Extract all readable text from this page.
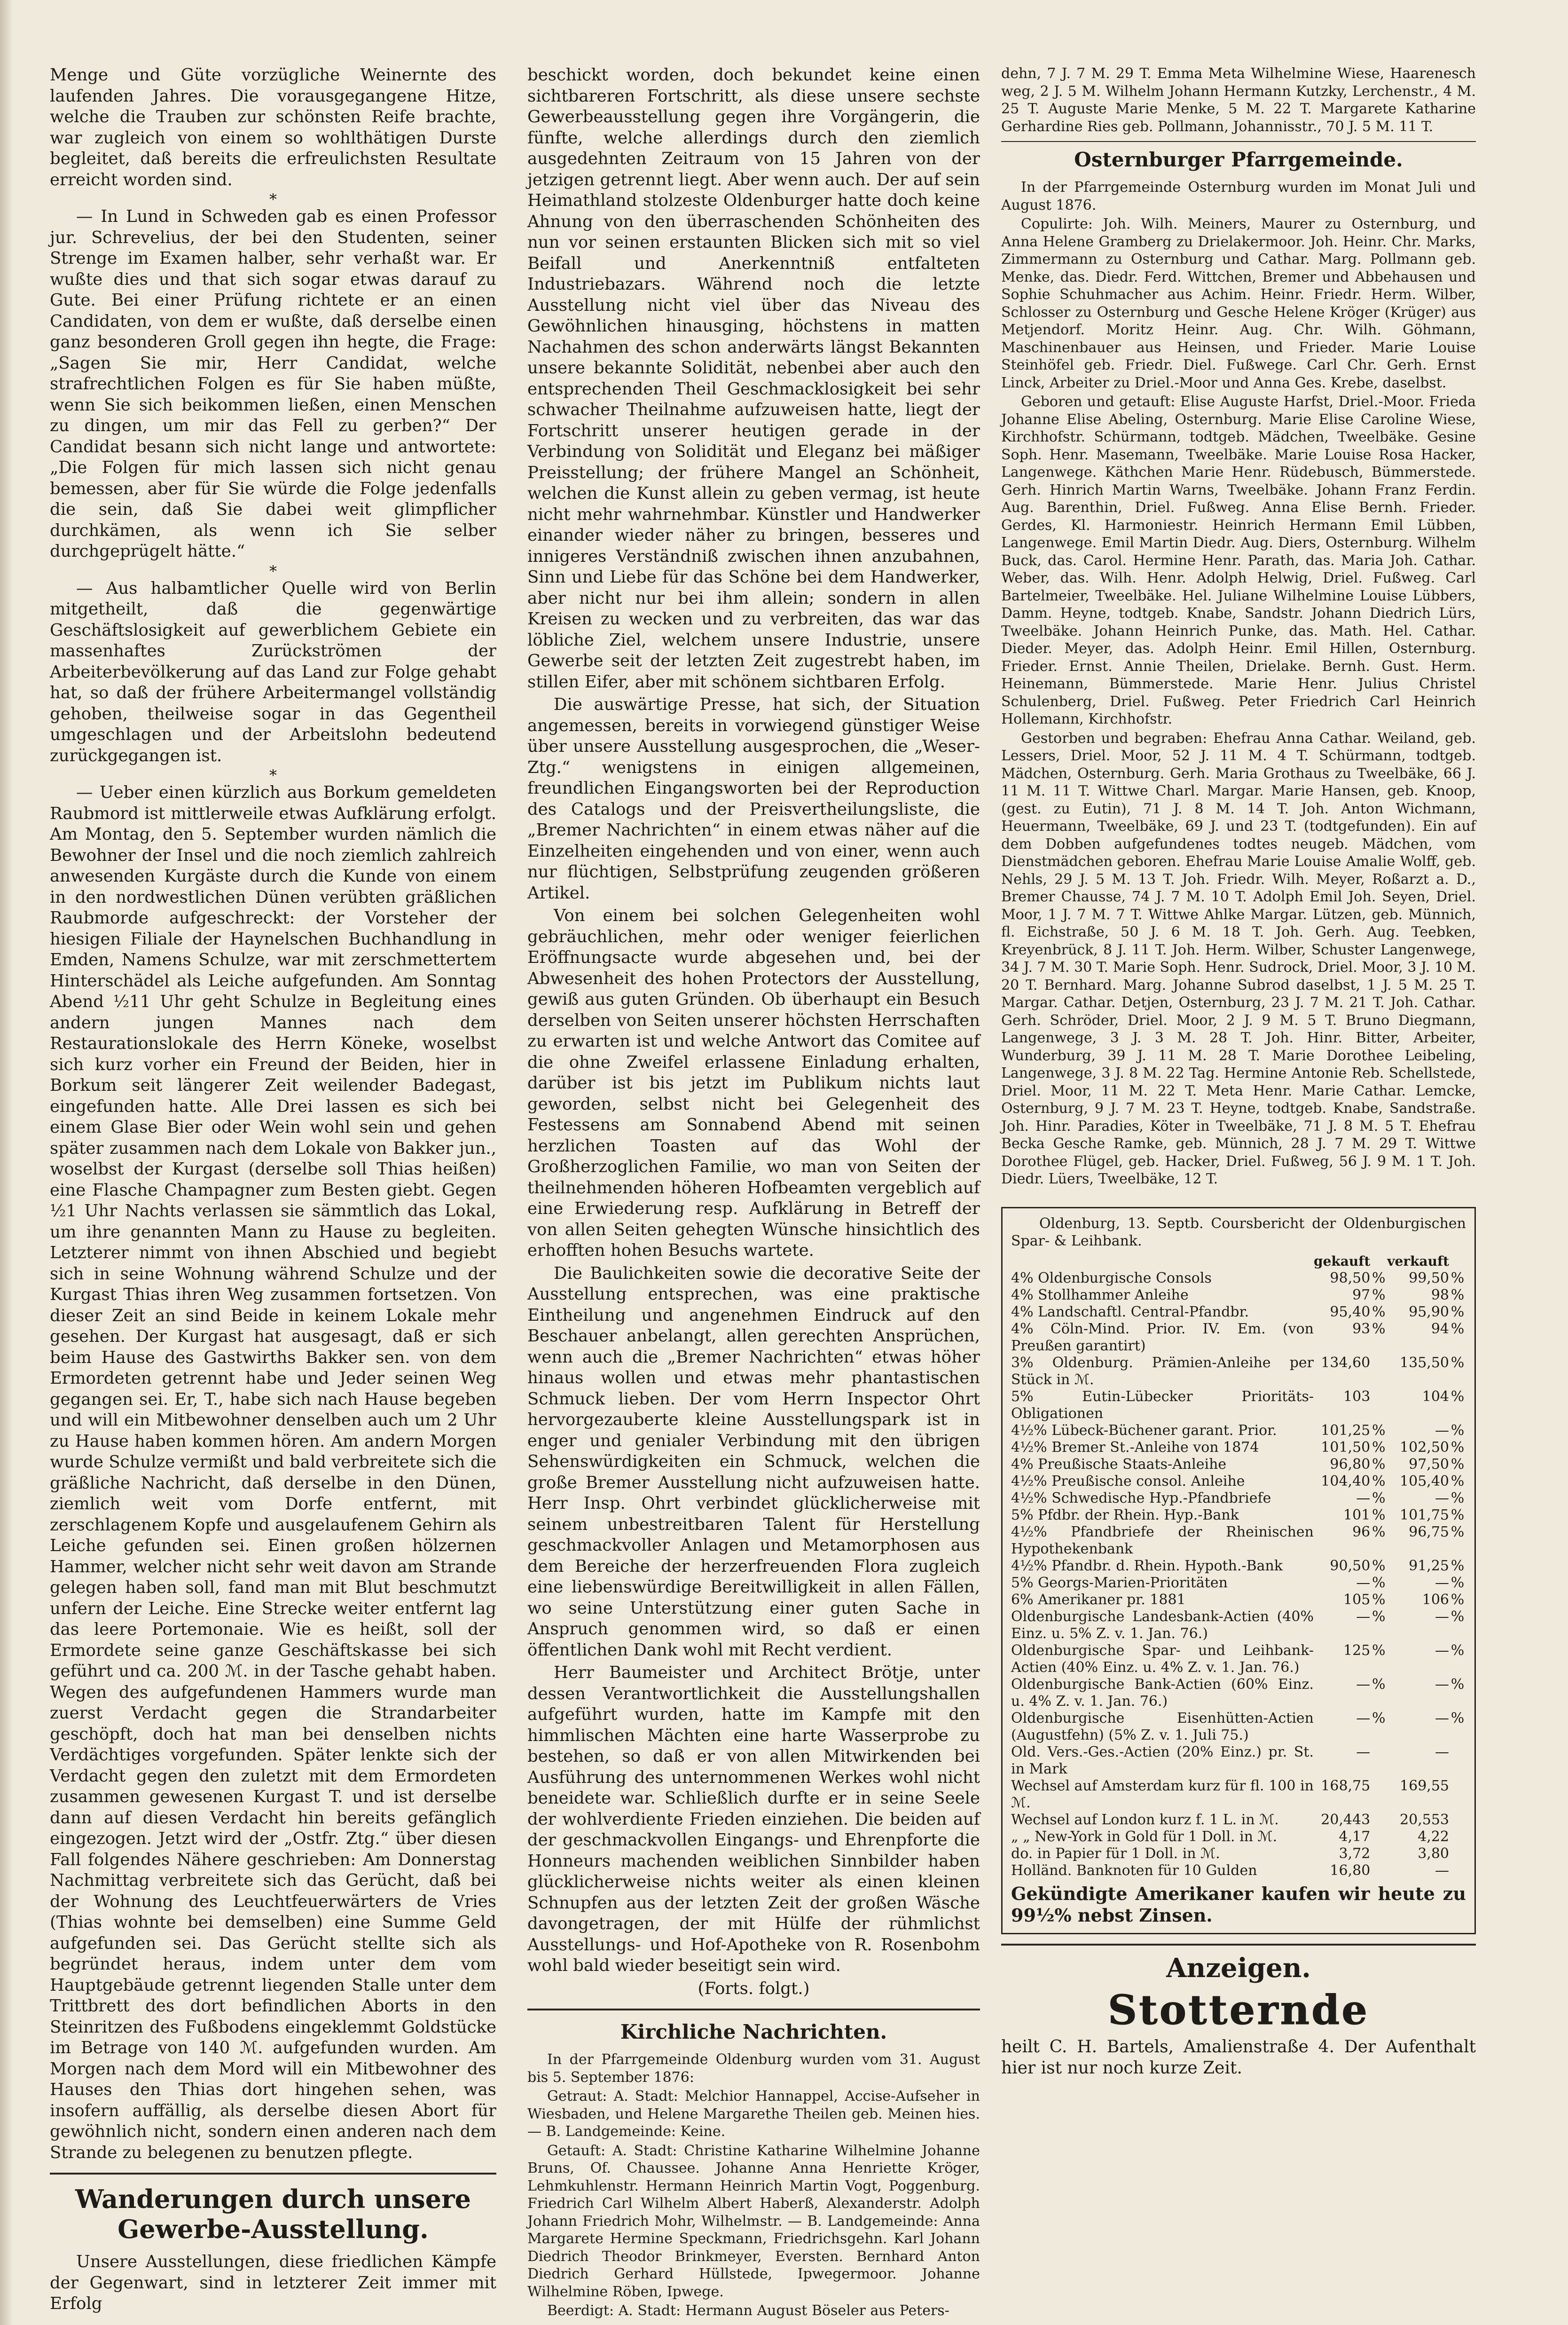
Menge und Güte vorzügliche Weinernte des laufenden Jahres. Die vorausgegangene Hitze, welche die Trauben zur schönsten Reife brachte, war zugleich von einem so wohlthätigen Durste begleitet, daß bereits die erfreulichsten Resultate erreicht worden sind.

*

— In Lund in Schweden gab es einen Professor jur. Schrevelius, der bei den Studenten, seiner Strenge im Examen halber, sehr verhaßt war. Er wußte dies und that sich sogar etwas darauf zu Gute. Bei einer Prüfung richtete er an einen Candidaten, von dem er wußte, daß derselbe einen ganz besonderen Groll gegen ihn hegte, die Frage: „Sagen Sie mir, Herr Candidat, welche strafrechtlichen Folgen es für Sie haben müßte, wenn Sie sich beikommen ließen, einen Menschen zu dingen, um mir das Fell zu gerben?“ Der Candidat besann sich nicht lange und antwortete: „Die Folgen für mich lassen sich nicht genau bemessen, aber für Sie würde die Folge jedenfalls die sein, daß Sie dabei weit glimpflicher durchkämen, als wenn ich Sie selber durchgeprügelt hätte.“

*

— Aus halbamtlicher Quelle wird von Berlin mitgetheilt, daß die gegenwärtige Geschäftslosigkeit auf gewerblichem Gebiete ein massenhaftes Zurückströmen der Arbeiterbevölkerung auf das Land zur Folge gehabt hat, so daß der frühere Arbeitermangel vollständig gehoben, theilweise sogar in das Gegentheil umgeschlagen und der Arbeitslohn bedeutend zurückgegangen ist.

*

— Ueber einen kürzlich aus Borkum gemeldeten Raubmord ist mittlerweile etwas Aufklärung erfolgt. Am Montag, den 5. September wurden nämlich die Bewohner der Insel und die noch ziemlich zahlreich anwesenden Kurgäste durch die Kunde von einem in den nordwestlichen Dünen verübten gräßlichen Raubmorde aufgeschreckt: der Vorsteher der hiesigen Filiale der Haynelschen Buchhandlung in Emden, Namens Schulze, war mit zerschmettertem Hinterschädel als Leiche aufgefunden. Am Sonntag Abend ½11 Uhr geht Schulze in Begleitung eines andern jungen Mannes nach dem Restaurationslokale des Herrn Köneke, woselbst sich kurz vorher ein Freund der Beiden, hier in Borkum seit längerer Zeit weilender Badegast, eingefunden hatte. Alle Drei lassen es sich bei einem Glase Bier oder Wein wohl sein und gehen später zusammen nach dem Lokale von Bakker jun., woselbst der Kurgast (derselbe soll Thias heißen) eine Flasche Champagner zum Besten giebt. Gegen ½1 Uhr Nachts verlassen sie sämmtlich das Lokal, um ihre genannten Mann zu Hause zu begleiten. Letzterer nimmt von ihnen Abschied und begiebt sich in seine Wohnung während Schulze und der Kurgast Thias ihren Weg zusammen fortsetzen. Von dieser Zeit an sind Beide in keinem Lokale mehr gesehen. Der Kurgast hat ausgesagt, daß er sich beim Hause des Gastwirths Bakker sen. von dem Ermordeten getrennt habe und Jeder seinen Weg gegangen sei. Er, T., habe sich nach Hause begeben und will ein Mitbewohner denselben auch um 2 Uhr zu Hause haben kommen hören. Am andern Morgen wurde Schulze vermißt und bald verbreitete sich die gräßliche Nachricht, daß derselbe in den Dünen, ziemlich weit vom Dorfe entfernt, mit zerschlagenem Kopfe und ausgelaufenem Gehirn als Leiche gefunden sei. Einen großen hölzernen Hammer, welcher nicht sehr weit davon am Strande gelegen haben soll, fand man mit Blut beschmutzt unfern der Leiche. Eine Strecke weiter entfernt lag das leere Portemonaie. Wie es heißt, soll der Ermordete seine ganze Geschäftskasse bei sich geführt und ca. 200 ℳ. in der Tasche gehabt haben. Wegen des aufgefundenen Hammers wurde man zuerst Verdacht gegen die Strandarbeiter geschöpft, doch hat man bei denselben nichts Verdächtiges vorgefunden. Später lenkte sich der Verdacht gegen den zuletzt mit dem Ermordeten zusammen gewesenen Kurgast T. und ist derselbe dann auf diesen Verdacht hin bereits gefänglich eingezogen. Jetzt wird der „Ostfr. Ztg.“ über diesen Fall folgendes Nähere geschrieben: Am Donnerstag Nachmittag verbreitete sich das Gerücht, daß bei der Wohnung des Leuchtfeuerwärters de Vries (Thias wohnte bei demselben) eine Summe Geld aufgefunden sei. Das Gerücht stellte sich als begründet heraus, indem unter dem vom Hauptgebäude getrennt liegenden Stalle unter dem Trittbrett des dort befindlichen Aborts in den Steinritzen des Fußbodens eingeklemmt Goldstücke im Betrage von 140 ℳ. aufgefunden wurden. Am Morgen nach dem Mord will ein Mitbewohner des Hauses den Thias dort hingehen sehen, was insofern auffällig, als derselbe diesen Abort für gewöhnlich nicht, sondern einen anderen nach dem Strande zu belegenen zu benutzen pflegte.

Wanderungen durch unsere Gewerbe-Ausstellung.

Unsere Ausstellungen, diese friedlichen Kämpfe der Gegenwart, sind in letzterer Zeit immer mit Erfolg

beschickt worden, doch bekundet keine einen sichtbareren Fortschritt, als diese unsere sechste Gewerbeausstellung gegen ihre Vorgängerin, die fünfte, welche allerdings durch den ziemlich ausgedehnten Zeitraum von 15 Jahren von der jetzigen getrennt liegt. Aber wenn auch. Der auf sein Heimathland stolzeste Oldenburger hatte doch keine Ahnung von den überraschenden Schönheiten des nun vor seinen erstaunten Blicken sich mit so viel Beifall und Anerkenntniß entfalteten Industriebazars. Während noch die letzte Ausstellung nicht viel über das Niveau des Gewöhnlichen hinausging, höchstens in matten Nachahmen des schon anderwärts längst Bekannten unsere bekannte Solidität, nebenbei aber auch den entsprechenden Theil Geschmacklosigkeit bei sehr schwacher Theilnahme aufzuweisen hatte, liegt der Fortschritt unserer heutigen gerade in der Verbindung von Solidität und Eleganz bei mäßiger Preisstellung; der frühere Mangel an Schönheit, welchen die Kunst allein zu geben vermag, ist heute nicht mehr wahrnehmbar. Künstler und Handwerker einander wieder näher zu bringen, besseres und innigeres Verständniß zwischen ihnen anzubahnen, Sinn und Liebe für das Schöne bei dem Handwerker, aber nicht nur bei ihm allein; sondern in allen Kreisen zu wecken und zu verbreiten, das war das löbliche Ziel, welchem unsere Industrie, unsere Gewerbe seit der letzten Zeit zugestrebt haben, im stillen Eifer, aber mit schönem sichtbaren Erfolg.

Die auswärtige Presse, hat sich, der Situation angemessen, bereits in vorwiegend günstiger Weise über unsere Ausstellung ausgesprochen, die „Weser-Ztg.“ wenigstens in einigen allgemeinen, freundlichen Eingangsworten bei der Reproduction des Catalogs und der Preisvertheilungsliste, die „Bremer Nachrichten“ in einem etwas näher auf die Einzelheiten eingehenden und von einer, wenn auch nur flüchtigen, Selbstprüfung zeugenden größeren Artikel.

Von einem bei solchen Gelegenheiten wohl gebräuchlichen, mehr oder weniger feierlichen Eröffnungsacte wurde abgesehen und, bei der Abwesenheit des hohen Protectors der Ausstellung, gewiß aus guten Gründen. Ob überhaupt ein Besuch derselben von Seiten unserer höchsten Herrschaften zu erwarten ist und welche Antwort das Comitee auf die ohne Zweifel erlassene Einladung erhalten, darüber ist bis jetzt im Publikum nichts laut geworden, selbst nicht bei Gelegenheit des Festessens am Sonnabend Abend mit seinen herzlichen Toasten auf das Wohl der Großherzoglichen Familie, wo man von Seiten der theilnehmenden höheren Hofbeamten vergeblich auf eine Erwiederung resp. Aufklärung in Betreff der von allen Seiten gehegten Wünsche hinsichtlich des erhofften hohen Besuchs wartete.

Die Baulichkeiten sowie die decorative Seite der Ausstellung entsprechen, was eine praktische Eintheilung und angenehmen Eindruck auf den Beschauer anbelangt, allen gerechten Ansprüchen, wenn auch die „Bremer Nachrichten“ etwas höher hinaus wollen und etwas mehr phantastischen Schmuck lieben. Der vom Herrn Inspector Ohrt hervorgezauberte kleine Ausstellungspark ist in enger und genialer Verbindung mit den übrigen Sehenswürdigkeiten ein Schmuck, welchen die große Bremer Ausstellung nicht aufzuweisen hatte. Herr Insp. Ohrt verbindet glücklicherweise mit seinem unbestreitbaren Talent für Herstellung geschmackvoller Anlagen und Metamorphosen aus dem Bereiche der herzerfreuenden Flora zugleich eine liebenswürdige Bereitwilligkeit in allen Fällen, wo seine Unterstützung einer guten Sache in Anspruch genommen wird, so daß er einen öffentlichen Dank wohl mit Recht verdient.

Herr Baumeister und Architect Brötje, unter dessen Verantwortlichkeit die Ausstellungshallen aufgeführt wurden, hatte im Kampfe mit den himmlischen Mächten eine harte Wasserprobe zu bestehen, so daß er von allen Mitwirkenden bei Ausführung des unternommenen Werkes wohl nicht beneidete war. Schließlich durfte er in seine Seele der wohlverdiente Frieden einziehen. Die beiden auf der geschmackvollen Eingangs- und Ehrenpforte die Honneurs machenden weiblichen Sinnbilder haben glücklicherweise nichts weiter als einen kleinen Schnupfen aus der letzten Zeit der großen Wäsche davongetragen, der mit Hülfe der rühmlichst Ausstellungs- und Hof-Apotheke von R. Rosenbohm wohl bald wieder beseitigt sein wird.

(Forts. folgt.)
Kirchliche Nachrichten.

In der Pfarrgemeinde Oldenburg wurden vom 31. August bis 5. September 1876:

Getraut: A. Stadt: Melchior Hannappel, Accise-Aufseher in Wiesbaden, und Helene Margarethe Theilen geb. Meinen hies. — B. Landgemeinde: Keine.

Getauft: A. Stadt: Christine Katharine Wilhelmine Johanne Bruns, Of. Chaussee. Johanne Anna Henriette Kröger, Lehmkuhlenstr. Hermann Heinrich Martin Vogt, Poggenburg. Friedrich Carl Wilhelm Albert Haberß, Alexanderstr. Adolph Johann Friedrich Mohr, Wilhelmstr. — B. Landgemeinde: Anna Margarete Hermine Speckmann, Friedrichsgehn. Karl Johann Diedrich Theodor Brinkmeyer, Eversten. Bernhard Anton Diedrich Gerhard Hüllstede, Ipwegermoor. Johanne Wilhelmine Röben, Ipwege.

Beerdigt: A. Stadt: Hermann August Böseler aus Peters-

dehn, 7 J. 7 M. 29 T. Emma Meta Wilhelmine Wiese, Haarenesch weg, 2 J. 5 M. Wilhelm Johann Hermann Kutzky, Lerchenstr., 4 M. 25 T. Auguste Marie Menke, 5 M. 22 T. Margarete Katharine Gerhardine Ries geb. Pollmann, Johannisstr., 70 J. 5 M. 11 T.

Osternburger Pfarrgemeinde.

In der Pfarrgemeinde Osternburg wurden im Monat Juli und August 1876.

Copulirte: Joh. Wilh. Meiners, Maurer zu Osternburg, und Anna Helene Gramberg zu Drielakermoor. Joh. Heinr. Chr. Marks, Zimmermann zu Osternburg und Cathar. Marg. Pollmann geb. Menke, das. Diedr. Ferd. Wittchen, Bremer und Abbehausen und Sophie Schuhmacher aus Achim. Heinr. Friedr. Herm. Wilber, Schlosser zu Osternburg und Gesche Helene Kröger (Krüger) aus Metjendorf. Moritz Heinr. Aug. Chr. Wilh. Göhmann, Maschinenbauer aus Heinsen, und Frieder. Marie Louise Steinhöfel geb. Friedr. Diel. Fußwege. Carl Chr. Gerh. Ernst Linck, Arbeiter zu Driel.-Moor und Anna Ges. Krebe, daselbst.

Geboren und getauft: Elise Auguste Harfst, Driel.-Moor. Frieda Johanne Elise Abeling, Osternburg. Marie Elise Caroline Wiese, Kirchhofstr. Schürmann, todtgeb. Mädchen, Tweelbäke. Gesine Soph. Henr. Masemann, Tweelbäke. Marie Louise Rosa Hacker, Langenwege. Käthchen Marie Henr. Rüdebusch, Bümmerstede. Gerh. Hinrich Martin Warns, Tweelbäke. Johann Franz Ferdin. Aug. Barenthin, Driel. Fußweg. Anna Elise Bernh. Frieder. Gerdes, Kl. Harmoniestr. Heinrich Hermann Emil Lübben, Langenwege. Emil Martin Diedr. Aug. Diers, Osternburg. Wilhelm Buck, das. Carol. Hermine Henr. Parath, das. Maria Joh. Cathar. Weber, das. Wilh. Henr. Adolph Helwig, Driel. Fußweg. Carl Bartelmeier, Tweelbäke. Hel. Juliane Wilhelmine Louise Lübbers, Damm. Heyne, todtgeb. Knabe, Sandstr. Johann Diedrich Lürs, Tweelbäke. Johann Heinrich Punke, das. Math. Hel. Cathar. Dieder. Meyer, das. Adolph Heinr. Emil Hillen, Osternburg. Frieder. Ernst. Annie Theilen, Drielake. Bernh. Gust. Herm. Heinemann, Bümmerstede. Marie Henr. Julius Christel Schulenberg, Driel. Fußweg. Peter Friedrich Carl Heinrich Hollemann, Kirchhofstr.

Gestorben und begraben: Ehefrau Anna Cathar. Weiland, geb. Lessers, Driel. Moor, 52 J. 11 M. 4 T. Schürmann, todtgeb. Mädchen, Osternburg. Gerh. Maria Grothaus zu Tweelbäke, 66 J. 11 M. 11 T. Wittwe Charl. Margar. Marie Hansen, geb. Knoop, (gest. zu Eutin), 71 J. 8 M. 14 T. Joh. Anton Wichmann, Heuermann, Tweelbäke, 69 J. und 23 T. (todtgefunden). Ein auf dem Dobben aufgefundenes todtes neugeb. Mädchen, vom Dienstmädchen geboren. Ehefrau Marie Louise Amalie Wolff, geb. Nehls, 29 J. 5 M. 13 T. Joh. Friedr. Wilh. Meyer, Roßarzt a. D., Bremer Chausse, 74 J. 7 M. 10 T. Adolph Emil Joh. Seyen, Driel. Moor, 1 J. 7 M. 7 T. Wittwe Ahlke Margar. Lützen, geb. Münnich, fl. Eichstraße, 50 J. 6 M. 18 T. Joh. Gerh. Aug. Teebken, Kreyenbrück, 8 J. 11 T. Joh. Herm. Wilber, Schuster Langenwege, 34 J. 7 M. 30 T. Marie Soph. Henr. Sudrock, Driel. Moor, 3 J. 10 M. 20 T. Bernhard. Marg. Johanne Subrod daselbst, 1 J. 5 M. 25 T. Margar. Cathar. Detjen, Osternburg, 23 J. 7 M. 21 T. Joh. Cathar. Gerh. Schröder, Driel. Moor, 2 J. 9 M. 5 T. Bruno Diegmann, Langenwege, 3 J. 3 M. 28 T. Joh. Hinr. Bitter, Arbeiter, Wunderburg, 39 J. 11 M. 28 T. Marie Dorothee Leibeling, Langenwege, 3 J. 8 M. 22 Tag. Hermine Antonie Reb. Schellstede, Driel. Moor, 11 M. 22 T. Meta Henr. Marie Cathar. Lemcke, Osternburg, 9 J. 7 M. 23 T. Heyne, todtgeb. Knabe, Sandstraße. Joh. Hinr. Paradies, Köter in Tweelbäke, 71 J. 8 M. 5 T. Ehefrau Becka Gesche Ramke, geb. Münnich, 28 J. 7 M. 29 T. Wittwe Dorothee Flügel, geb. Hacker, Driel. Fußweg, 56 J. 9 M. 1 T. Joh. Diedr. Lüers, Tweelbäke, 12 T.

Oldenburg, 13. Septb. Coursbericht der Oldenburgischen Spar- & Leihbank.
	gekauft		verkauft	
4% Oldenburgische Consols	98,50	%	99,50	%
4% Stollhammer Anleihe	97	%	98	%
4% Landschaftl. Central-Pfandbr.	95,40	%	95,90	%
4% Cöln-Mind. Prior. IV. Em. (von Preußen garantirt)	93	%	94	%
3% Oldenburg. Prämien-Anleihe per Stück in ℳ.	134,60		135,50	%
5% Eutin-Lübecker Prioritäts-Obligationen	103		104	%
4½% Lübeck-Büchener garant. Prior.	101,25	%	—	%
4½% Bremer St.-Anleihe von 1874	101,50	%	102,50	%
4% Preußische Staats-Anleihe	96,80	%	97,50	%
4½% Preußische consol. Anleihe	104,40	%	105,40	%
4½% Schwedische Hyp.-Pfandbriefe	—	%	—	%
5% Pfdbr. der Rhein. Hyp.-Bank	101	%	101,75	%
4½% Pfandbriefe der Rheinischen Hypothekenbank	96	%	96,75	%
4½% Pfandbr. d. Rhein. Hypoth.-Bank	90,50	%	91,25	%
5% Georgs-Marien-Prioritäten	—	%	—	%
6% Amerikaner pr. 1881	105	%	106	%
Oldenburgische Landesbank-Actien (40% Einz. u. 5% Z. v. 1. Jan. 76.)	—	%	—	%
Oldenburgische Spar- und Leihbank-Actien (40% Einz. u. 4% Z. v. 1. Jan. 76.)	125	%	—	%
Oldenburgische Bank-Actien (60% Einz. u. 4% Z. v. 1. Jan. 76.)	—	%	—	%
Oldenburgische Eisenhütten-Actien (Augustfehn) (5% Z. v. 1. Juli 75.)	—	%	—	%
Old. Vers.-Ges.-Actien (20% Einz.) pr. St. in Mark	—		—	
Wechsel auf Amsterdam kurz für fl. 100 in ℳ.	168,75		169,55	
Wechsel auf London kurz f. 1 L. in ℳ.	20,443		20,553	
„ „ New-York in Gold für 1 Doll. in ℳ.	4,17		4,22	
do. in Papier für 1 Doll. in ℳ.	3,72		3,80	
Holländ. Banknoten für 10 Gulden	16,80		—	
Gekündigte Amerikaner kaufen wir heute zu 99½% nebst Zinsen.
Anzeigen.
Stotternde

heilt C. H. Bartels, Amalienstraße 4. Der Aufenthalt hier ist nur noch kurze Zeit.
